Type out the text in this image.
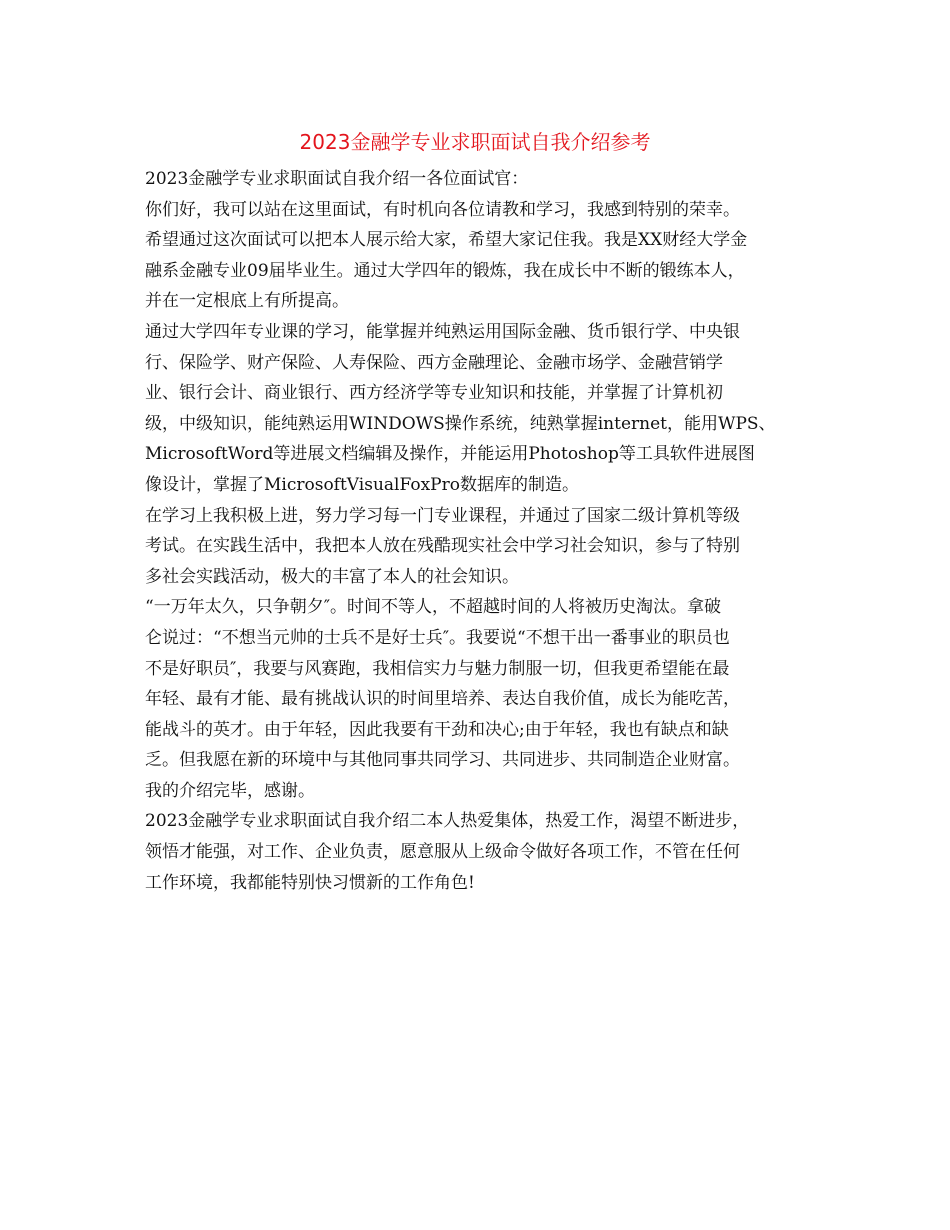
2023金融学专业求职面试自我介绍参考
2023金融学专业求职面试自我介绍一各位面试官：
你们好，我可以站在这里面试，有时机向各位请教和学习，我感到特别的荣幸。
希望通过这次面试可以把本人展示给大家，希望大家记住我。我是XX财经大学金
融系金融专业09届毕业生。通过大学四年的锻炼，我在成长中不断的锻练本人，
并在一定根底上有所提高。
通过大学四年专业课的学习，能掌握并纯熟运用国际金融、货币银行学、中央银
行、保险学、财产保险、人寿保险、西方金融理论、金融市场学、金融营销学
业、银行会计、商业银行、西方经济学等专业知识和技能，并掌握了计算机初
级，中级知识，能纯熟运用WINDOWS操作系统，纯熟掌握internet，能用WPS、
MicrosoftWord等进展文档编辑及操作，并能运用Photoshop等工具软件进展图
像设计，掌握了MicrosoftVisualFoxPro数据库的制造。
在学习上我积极上进，努力学习每一门专业课程，并通过了国家二级计算机等级
考试。在实践生活中，我把本人放在残酷现实社会中学习社会知识，参与了特别
多社会实践活动，极大的丰富了本人的社会知识。
“一万年太久，只争朝夕″。时间不等人，不超越时间的人将被历史淘汰。拿破
仑说过：“不想当元帅的士兵不是好士兵″。我要说“不想干出一番事业的职员也
不是好职员″，我要与风赛跑，我相信实力与魅力制服一切，但我更希望能在最
年轻、最有才能、最有挑战认识的时间里培养、表达自我价值，成长为能吃苦，
能战斗的英才。由于年轻，因此我要有干劲和决心;由于年轻，我也有缺点和缺
乏。但我愿在新的环境中与其他同事共同学习、共同进步、共同制造企业财富。
我的介绍完毕，感谢。
2023金融学专业求职面试自我介绍二本人热爱集体，热爱工作，渴望不断进步，
领悟才能强，对工作、企业负责，愿意服从上级命令做好各项工作，不管在任何
工作环境，我都能特别快习惯新的工作角色!
